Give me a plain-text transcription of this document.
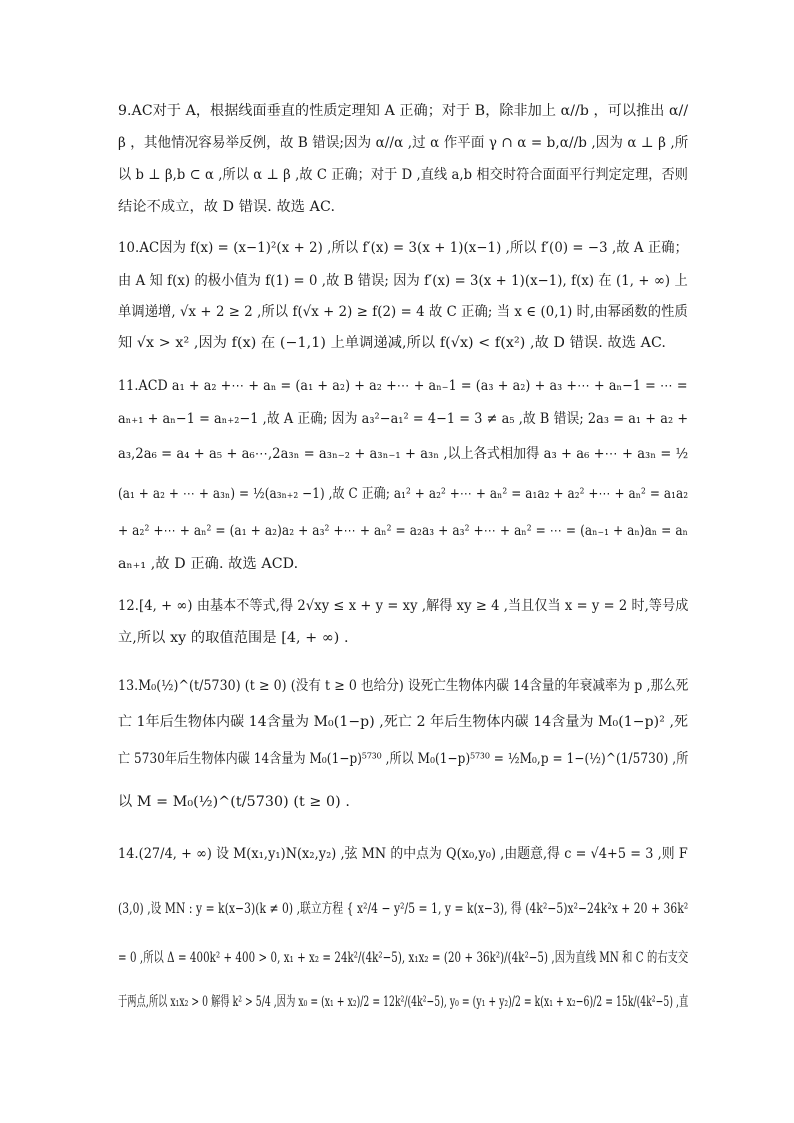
9.AC对于 A，根据线面垂直的性质定理知 A 正确；对于 B，除非加上 α//b ，可以推出 α//
β ，其他情况容易举反例，故 B 错误;因为 α//α ,过 α 作平面 γ ∩ α = b,α//b ,因为 α ⊥ β ,所
以 b ⊥ β,b ⊂ α ,所以 α ⊥ β ,故 C 正确；对于 D ,直线 a,b 相交时符合面面平行判定定理，否则
结论不成立，故 D 错误. 故选 AC.
10.AC因为 f(x) = (x−1)²(x + 2) ,所以 f′(x) = 3(x + 1)(x−1) ,所以 f′(0) = −3 ,故 A 正确；
由 A 知 f(x) 的极小值为 f(1) = 0 ,故 B 错误; 因为 f′(x) = 3(x + 1)(x−1), f(x) 在 (1, + ∞) 上
单调递增, √x + 2 ≥ 2 ,所以 f(√x + 2) ≥ f(2) = 4 故 C 正确; 当 x ∈ (0,1) 时,由幂函数的性质
知 √x > x² ,因为 f(x) 在 (−1,1) 上单调递减,所以 f(√x) < f(x²) ,故 D 错误. 故选 AC.
11.ACD a₁ + a₂ +⋯ + aₙ = (a₁ + a₂) + a₂ +⋯ + aₙ₋1 = (a₃ + a₂) + a₃ +⋯ + aₙ−1 = ⋯ =
aₙ₊₁ + aₙ−1 = aₙ₊₂−1 ,故 A 正确; 因为 a₃²−a₁² = 4−1 = 3 ≠ a₅ ,故 B 错误; 2a₃ = a₁ + a₂ +
a₃,2a₆ = a₄ + a₅ + a₆⋯,2a₃ₙ = a₃ₙ₋₂ + a₃ₙ₋₁ + a₃ₙ ,以上各式相加得 a₃ + a₆ +⋯ + a₃ₙ = ½
(a₁ + a₂ + ⋯ + a₃ₙ) = ½(a₃ₙ₊₂ −1) ,故 C 正确; a₁² + a₂² +⋯ + aₙ² = a₁a₂ + a₂² +⋯ + aₙ² = a₁a₂
+ a₂² +⋯ + aₙ² = (a₁ + a₂)a₂ + a₃² +⋯ + aₙ² = a₂a₃ + a₃² +⋯ + aₙ² = ⋯ = (aₙ₋₁ + aₙ)aₙ = aₙ
aₙ₊₁ ,故 D 正确. 故选 ACD.
12.[4, + ∞) 由基本不等式,得 2√xy ≤ x + y = xy ,解得 xy ≥ 4 ,当且仅当 x = y = 2 时,等号成
立,所以 xy 的取值范围是 [4, + ∞) .
13.M₀(½)^(t/5730) (t ≥ 0) (没有 t ≥ 0 也给分) 设死亡生物体内碳 14含量的年衰减率为 p ,那么死
亡 1年后生物体内碳 14含量为 M₀(1−p) ,死亡 2 年后生物体内碳 14含量为 M₀(1−p)² ,死
亡 5730年后生物体内碳 14含量为 M₀(1−p)⁵⁷³⁰ ,所以 M₀(1−p)⁵⁷³⁰ = ½M₀,p = 1−(½)^(1/5730) ,所
以 M = M₀(½)^(t/5730) (t ≥ 0) .
14.(27/4, + ∞) 设 M(x₁,y₁)N(x₂,y₂) ,弦 MN 的中点为 Q(x₀,y₀) ,由题意,得 c = √4+5 = 3 ,则 F
(3,0) ,设 MN : y = k(x−3)(k ≠ 0) ,联立方程 { x²/4 − y²/5 = 1, y = k(x−3), 得 (4k²−5)x²−24k²x + 20 + 36k²
= 0 ,所以 Δ = 400k² + 400 > 0, x₁ + x₂ = 24k²/(4k²−5), x₁x₂ = (20 + 36k²)/(4k²−5) ,因为直线 MN 和 C 的右支交
于两点,所以 x₁x₂ > 0 解得 k² > 5/4 ,因为 x₀ = (x₁ + x₂)/2 = 12k²/(4k²−5), y₀ = (y₁ + y₂)/2 = k(x₁ + x₂−6)/2 = 15k/(4k²−5) ,直
